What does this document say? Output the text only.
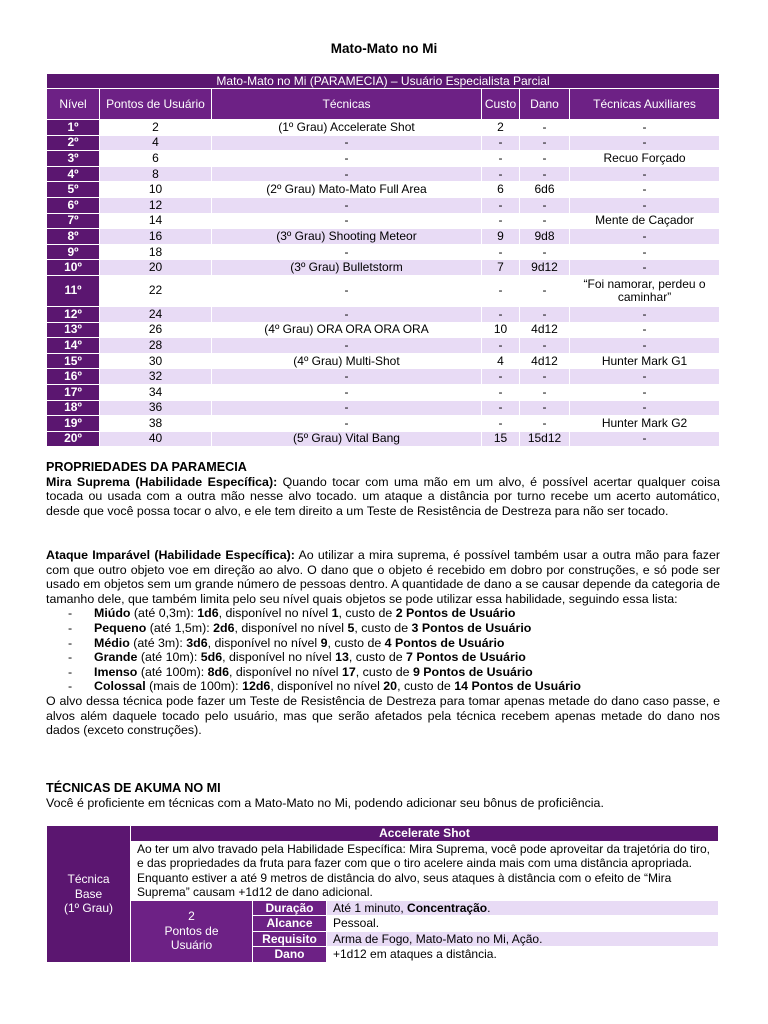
Mato-Mato no Mi
Mato-Mato no Mi (PARAMECIA) – Usuário Especialista Parcial					
Nível	Pontos de Usuário	Técnicas	Custo	Dano	Técnicas Auxiliares
1º	2	(1º Grau) Accelerate Shot	2	-	-
2º	4	-	-	-	-
3º	6	-	-	-	Recuo Forçado
4º	8	-	-	-	-
5º	10	(2º Grau) Mato-Mato Full Area	6	6d6	-
6º	12	-	-	-	-
7º	14	-	-	-	Mente de Caçador
8º	16	(3º Grau) Shooting Meteor	9	9d8	-
9º	18	-	-	-	-
10º	20	(3º Grau) Bulletstorm	7	9d12	-
11º	22	-	-	-	“Foi namorar, perdeu o caminhar”
12º	24	-	-	-	-
13º	26	(4º Grau) ORA ORA ORA ORA	10	4d12	-
14º	28	-	-	-	-
15º	30	(4º Grau) Multi-Shot	4	4d12	Hunter Mark G1
16º	32	-	-	-	-
17º	34	-	-	-	-
18º	36	-	-	-	-
19º	38	-	-	-	Hunter Mark G2
20º	40	(5º Grau) Vital Bang	15	15d12	-
PROPRIEDADES DA PARAMECIA

Mira Suprema (Habilidade Específica): Quando tocar com uma mão em um alvo, é possível acertar qualquer coisa tocada ou usada com a outra mão nesse alvo tocado. um ataque a distância por turno recebe um acerto automático, desde que você possa tocar o alvo, e ele tem direito a um Teste de Resistência de Destreza para não ser tocado.

Ataque Imparável (Habilidade Específica): Ao utilizar a mira suprema, é possível também usar a outra mão para fazer com que outro objeto voe em direção ao alvo. O dano que o objeto é recebido em dobro por construções, e só pode ser usado em objetos sem um grande número de pessoas dentro. A quantidade de dano a se causar depende da categoria de tamanho dele, que também limita pelo seu nível quais objetos se pode utilizar essa habilidade, seguindo essa lista:

- Miúdo (até 0,3m): 1d6, disponível no nível 1, custo de 2 Pontos de Usuário
- Pequeno (até 1,5m): 2d6, disponível no nível 5, custo de 3 Pontos de Usuário
- Médio (até 3m): 3d6, disponível no nível 9, custo de 4 Pontos de Usuário
- Grande (até 10m): 5d6, disponível no nível 13, custo de 7 Pontos de Usuário
- Imenso (até 100m): 8d6, disponível no nível 17, custo de 9 Pontos de Usuário
- Colossal (mais de 100m): 12d6, disponível no nível 20, custo de 14 Pontos de Usuário

O alvo dessa técnica pode fazer um Teste de Resistência de Destreza para tomar apenas metade do dano caso passe, e alvos além daquele tocado pelo usuário, mas que serão afetados pela técnica recebem apenas metade do dano nos dados (exceto construções).

TÉCNICAS DE AKUMA NO MI

Você é proficiente em técnicas com a Mato-Mato no Mi, podendo adicionar seu bônus de proficiência.

Técnica
Base
(1º Grau)	Accelerate Shot		

	Ao ter um alvo travado pela Habilidade Específica: Mira Suprema, você pode aproveitar da trajetória do tiro, e das propriedades da fruta para fazer com que o tiro acelere ainda mais com uma distância apropriada.
Enquanto estiver a até 9 metros de distância do alvo, seus ataques à distância com o efeito de “Mira Suprema” causam +1d12 de dano adicional.		

	2
Pontos de
Usuário	Duração	Até 1 minuto, Concentração.
		Alcance	Pessoal.
		Requisito	Arma de Fogo, Mato-Mato no Mi, Ação.
		Dano	+1d12 em ataques a distância.
